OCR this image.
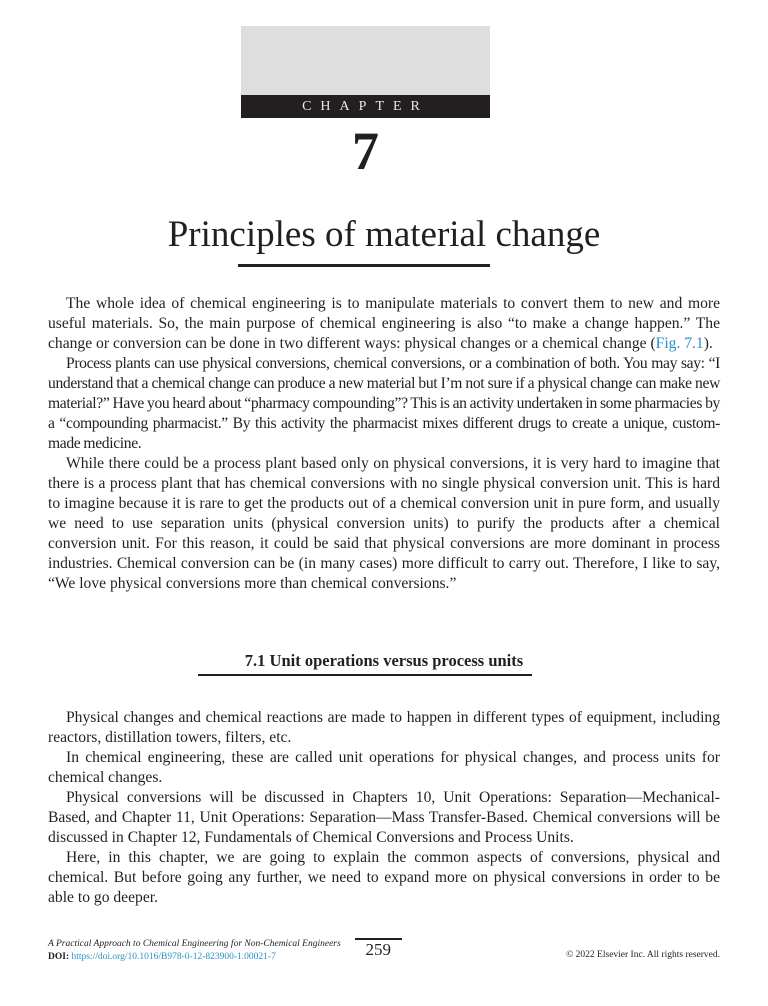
CHAPTER
7
Principles of material change

The whole idea of chemical engineering is to manipulate materials to convert them to new and more useful materials. So, the main purpose of chemical engineering is also “to make a change happen.” The change or conversion can be done in two different ways: physical changes or a chemical change (Fig. 7.1).

Process plants can use physical conversions, chemical conversions, or a combination of both. You may say: “I understand that a chemical change can produce a new material but I’m not sure if a physical change can make new material?” Have you heard about “pharmacy compounding”? This is an activity undertaken in some pharmacies by a “compounding pharmacist.” By this activity the pharmacist mixes different drugs to create a unique, custom-made medicine.

While there could be a process plant based only on physical conversions, it is very hard to imagine that there is a process plant that has chemical conversions with no single physical conversion unit. This is hard to imagine because it is rare to get the products out of a chemical conversion unit in pure form, and usually we need to use separation units (physical conversion units) to purify the products after a chemical conversion unit. For this reason, it could be said that physical conversions are more dominant in process industries. Chemical conversion can be (in many cases) more difficult to carry out. Therefore, I like to say, “We love physical conversions more than chemical conversions.”

7.1 Unit operations versus process units

Physical changes and chemical reactions are made to happen in different types of equipment, including reactors, distillation towers, filters, etc.

In chemical engineering, these are called unit operations for physical changes, and process units for chemical changes.

Physical conversions will be discussed in Chapters 10, Unit Operations: Separation—Mechanical-Based, and Chapter 11, Unit Operations: Separation—Mass Transfer-Based. Chemical conversions will be discussed in Chapter 12, Fundamentals of Chemical Conversions and Process Units.

Here, in this chapter, we are going to explain the common aspects of conversions, physical and chemical. But before going any further, we need to expand more on physical conversions in order to be able to go deeper.

A Practical Approach to Chemical Engineering for Non-Chemical Engineers
DOI: https://doi.org/10.1016/B978-0-12-823900-1.00021-7	259	© 2022 Elsevier Inc. All rights reserved.
